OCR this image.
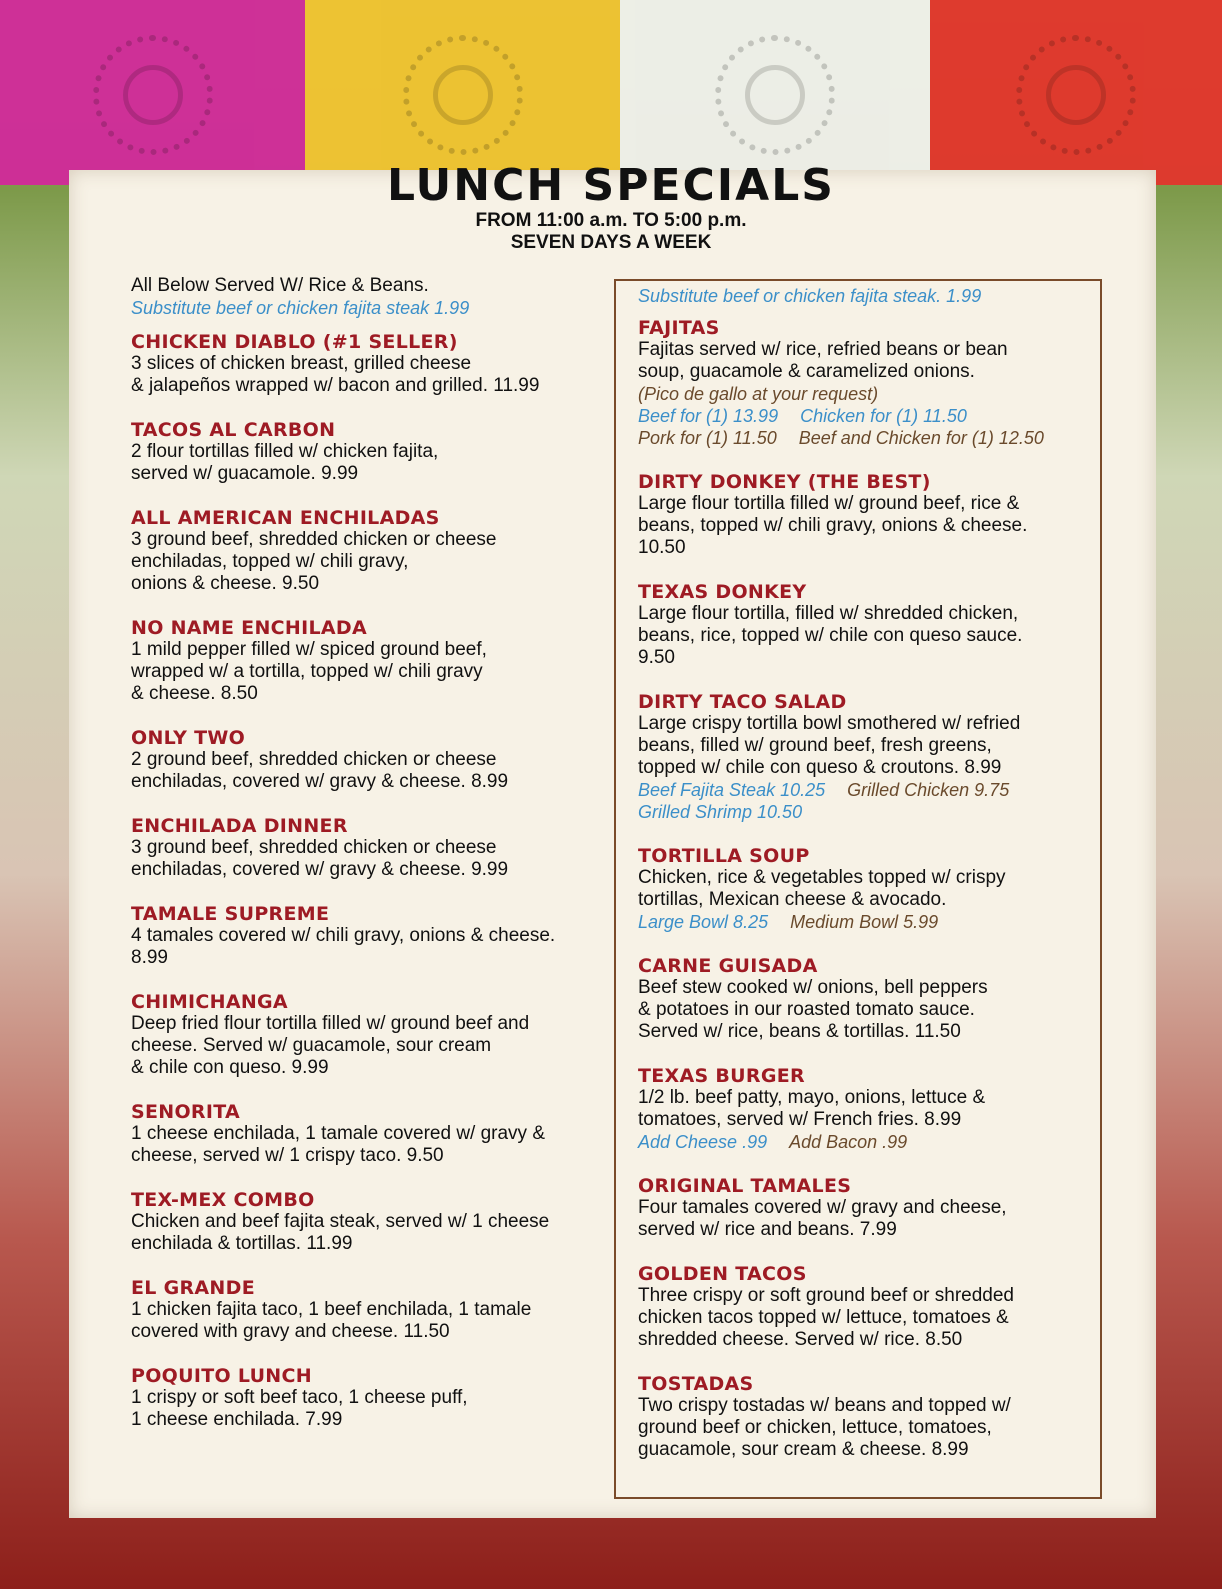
LUNCH SPECIALS
FROM 11:00 a.m. TO 5:00 p.m.
SEVEN DAYS A WEEK
All Below Served W/ Rice & Beans.
Substitute beef or chicken fajita steak 1.99
CHICKEN DIABLO (#1 SELLER)

3 slices of chicken breast, grilled cheese
& jalapeños wrapped w/ bacon and grilled. 11.99

TACOS AL CARBON

2 flour tortillas filled w/ chicken fajita,
served w/ guacamole. 9.99

ALL AMERICAN ENCHILADAS

3 ground beef, shredded chicken or cheese
enchiladas, topped w/ chili gravy,
onions & cheese. 9.50

NO NAME ENCHILADA

1 mild pepper filled w/ spiced ground beef,
wrapped w/ a tortilla, topped w/ chili gravy
& cheese. 8.50

ONLY TWO

2 ground beef, shredded chicken or cheese
enchiladas, covered w/ gravy & cheese. 8.99

ENCHILADA DINNER

3 ground beef, shredded chicken or cheese
enchiladas, covered w/ gravy & cheese. 9.99

TAMALE SUPREME

4 tamales covered w/ chili gravy, onions & cheese.
8.99

CHIMICHANGA

Deep fried flour tortilla filled w/ ground beef and
cheese. Served w/ guacamole, sour cream
& chile con queso. 9.99

SENORITA

1 cheese enchilada, 1 tamale covered w/ gravy &
cheese, served w/ 1 crispy taco. 9.50

TEX-MEX COMBO

Chicken and beef fajita steak, served w/ 1 cheese
enchilada & tortillas. 11.99

EL GRANDE

1 chicken fajita taco, 1 beef enchilada, 1 tamale
covered with gravy and cheese. 11.50

POQUITO LUNCH

1 crispy or soft beef taco, 1 cheese puff,
1 cheese enchilada. 7.99

Substitute beef or chicken fajita steak. 1.99
FAJITAS

Fajitas served w/ rice, refried beans or bean
soup, guacamole & caramelized onions.

(Pico de gallo at your request)
Beef for (1) 13.99 Chicken for (1) 11.50
Pork for (1) 11.50 Beef and Chicken for (1) 12.50
DIRTY DONKEY (THE BEST)

Large flour tortilla filled w/ ground beef, rice &
beans, topped w/ chili gravy, onions & cheese.
10.50

TEXAS DONKEY

Large flour tortilla, filled w/ shredded chicken,
beans, rice, topped w/ chile con queso sauce.
9.50

DIRTY TACO SALAD

Large crispy tortilla bowl smothered w/ refried
beans, filled w/ ground beef, fresh greens,
topped w/ chile con queso & croutons. 8.99

Beef Fajita Steak 10.25 Grilled Chicken 9.75
Grilled Shrimp 10.50
TORTILLA SOUP

Chicken, rice & vegetables topped w/ crispy
tortillas, Mexican cheese & avocado.

Large Bowl 8.25 Medium Bowl 5.99
CARNE GUISADA

Beef stew cooked w/ onions, bell peppers
& potatoes in our roasted tomato sauce.
Served w/ rice, beans & tortillas. 11.50

TEXAS BURGER

1/2 lb. beef patty, mayo, onions, lettuce &
tomatoes, served w/ French fries. 8.99

Add Cheese .99 Add Bacon .99
ORIGINAL TAMALES

Four tamales covered w/ gravy and cheese,
served w/ rice and beans. 7.99

GOLDEN TACOS

Three crispy or soft ground beef or shredded
chicken tacos topped w/ lettuce, tomatoes &
shredded cheese. Served w/ rice. 8.50

TOSTADAS

Two crispy tostadas w/ beans and topped w/
ground beef or chicken, lettuce, tomatoes,
guacamole, sour cream & cheese. 8.99
